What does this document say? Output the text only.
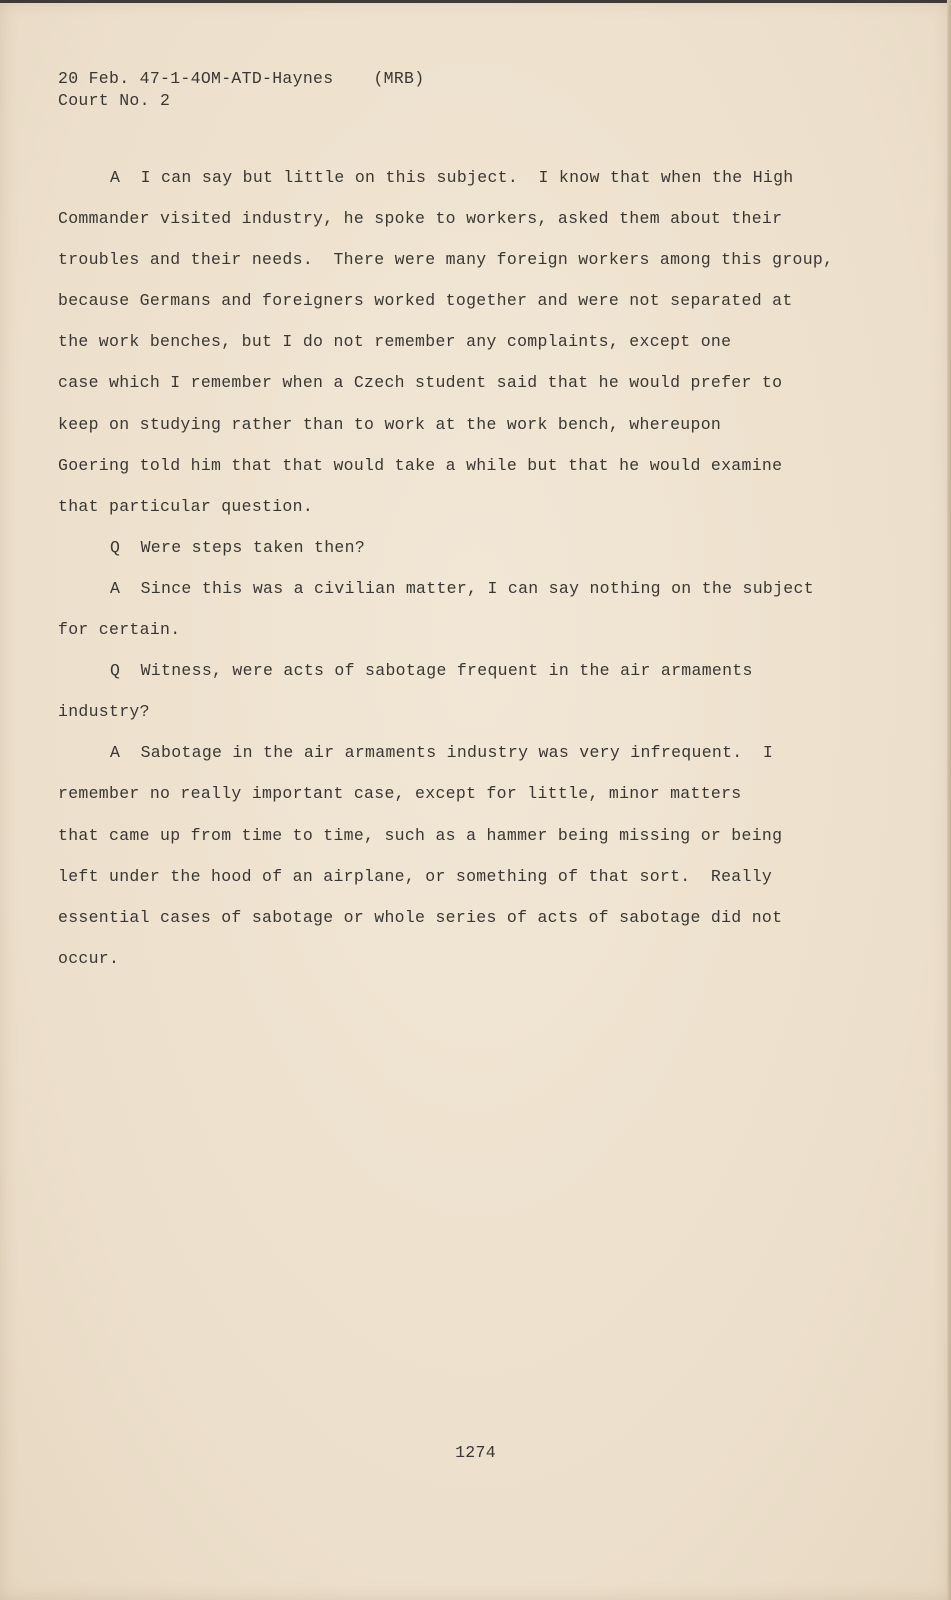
20 Feb. 47-1-4OM-ATD-Haynes (MRB)
Court No. 2
A  I can say but little on this subject.  I know that when the High
Commander visited industry, he spoke to workers, asked them about their
troubles and their needs.  There were many foreign workers among this group,
because Germans and foreigners worked together and were not separated at
the work benches, but I do not remember any complaints, except one
case which I remember when a Czech student said that he would prefer to
keep on studying rather than to work at the work bench, whereupon
Goering told him that that would take a while but that he would examine
that particular question.
Q  Were steps taken then?
A  Since this was a civilian matter, I can say nothing on the subject
for certain.
Q  Witness, were acts of sabotage frequent in the air armaments
industry?
A  Sabotage in the air armaments industry was very infrequent.  I
remember no really important case, except for little, minor matters
that came up from time to time, such as a hammer being missing or being
left under the hood of an airplane, or something of that sort.  Really
essential cases of sabotage or whole series of acts of sabotage did not
occur.
1274
